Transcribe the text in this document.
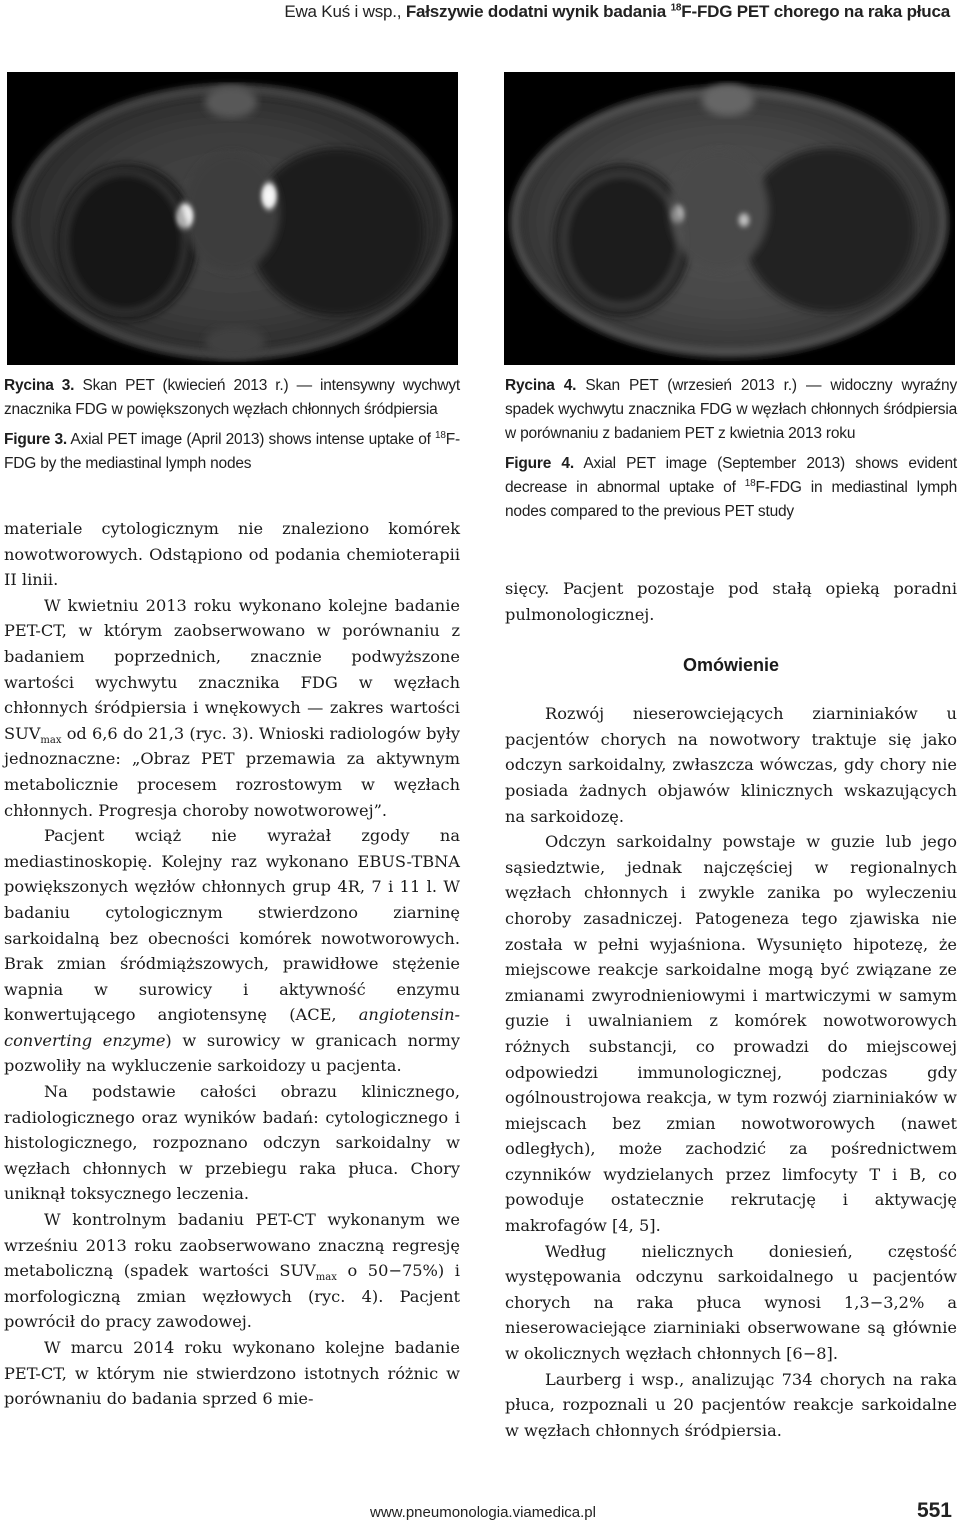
Ewa Kuś i wsp., Fałszywie dodatni wynik badania $^{18}$F-FDG PET chorego na raka płuca
Rycina 3. Skan PET (kwiecień 2013 r.) — intensywny wychwyt znacznika FDG w powiększonych węzłach chłonnych śródpiersia
Figure 3. Axial PET image (April 2013) shows intense uptake of $^{18}$F-FDG by the mediastinal lymph nodes
Rycina 4. Skan PET (wrzesień 2013 r.) — widoczny wyraźny spadek wychwytu znacznika FDG w węzłach chłonnych śródpiersia w porównaniu z badaniem PET z kwietnia 2013 roku
Figure 4. Axial PET image (September 2013) shows evident decrease in abnormal uptake of $^{18}$F-FDG in mediastinal lymph nodes compared to the previous PET study

materiale cytologicznym nie znaleziono komórek nowotworowych. Odstąpiono od podania chemioterapii II linii.

W kwietniu 2013 roku wykonano kolejne badanie PET-CT, w którym zaobserwowano w porównaniu z badaniem poprzednich, znacznie podwyższone wartości wychwytu znacznika FDG w węzłach chłonnych śródpiersia i wnękowych — zakres wartości $SUV_{max}$ od 6,6 do 21,3 (ryc. 3). Wnioski radiologów były jednoznaczne: „Obraz PET przemawia za aktywnym metabolicznie procesem rozrostowym w węzłach chłonnych. Progresja choroby nowotworowej”.

Pacjent wciąż nie wyrażał zgody na mediastinoskopię. Kolejny raz wykonano EBUS-TBNA powiększonych węzłów chłonnych grup 4R, 7 i 11 l. W badaniu cytologicznym stwierdzono ziarninę sarkoidalną bez obecności komórek nowotworowych. Brak zmian śródmiąższowych, prawidłowe stężenie wapnia w surowicy i aktywność enzymu konwertującego angiotensynę (ACE, angiotensin-converting enzyme) w surowicy w granicach normy pozwoliły na wykluczenie sarkoidozy u pacjenta.

Na podstawie całości obrazu klinicznego, radiologicznego oraz wyników badań: cytologicznego i histologicznego, rozpoznano odczyn sarkoidalny w węzłach chłonnych w przebiegu raka płuca. Chory uniknął toksycznego leczenia.

W kontrolnym badaniu PET-CT wykonanym we wrześniu 2013 roku zaobserwowano znaczną regresję metaboliczną (spadek wartości $SUV_{max}$ o 50−75%) i morfologiczną zmian węzłowych (ryc. 4). Pacjent powrócił do pracy zawodowej.

W marcu 2014 roku wykonano kolejne badanie PET-CT, w którym nie stwierdzono istotnych różnic w porównaniu do badania sprzed 6 mie-

sięcy. Pacjent pozostaje pod stałą opieką poradni pulmonologicznej.

Omówienie

Rozwój nieserowciejących ziarniniaków u pacjentów chorych na nowotwory traktuje się jako odczyn sarkoidalny, zwłaszcza wówczas, gdy chory nie posiada żadnych objawów klinicznych wskazujących na sarkoidozę.

Odczyn sarkoidalny powstaje w guzie lub jego sąsiedztwie, jednak najczęściej w regionalnych węzłach chłonnych i zwykle zanika po wyleczeniu choroby zasadniczej. Patogeneza tego zjawiska nie została w pełni wyjaśniona. Wysunięto hipotezę, że miejscowe reakcje sarkoidalne mogą być związane ze zmianami zwyrodnieniowymi i martwiczymi w samym guzie i uwalnianiem z komórek nowotworowych różnych substancji, co prowadzi do miejscowej odpowiedzi immunologicznej, podczas gdy ogólnoustrojowa reakcja, w tym rozwój ziarniniaków w miejscach bez zmian nowotworowych (nawet odległych), może zachodzić za pośrednictwem czynników wydzielanych przez limfocyty T i B, co powoduje ostatecznie rekrutację i aktywację makrofagów [4, 5].

Według nielicznych doniesień, częstość występowania odczynu sarkoidalnego u pacjentów chorych na raka płuca wynosi 1,3−3,2% a nieserowaciejące ziarniniaki obserwowane są głównie w okolicznych węzłach chłonnych [6−8].

Laurberg i wsp., analizując 734 chorych na raka płuca, rozpoznali u 20 pacjentów reakcje sarkoidalne w węzłach chłonnych śródpiersia.

www.pneumonologia.viamedica.pl	551
